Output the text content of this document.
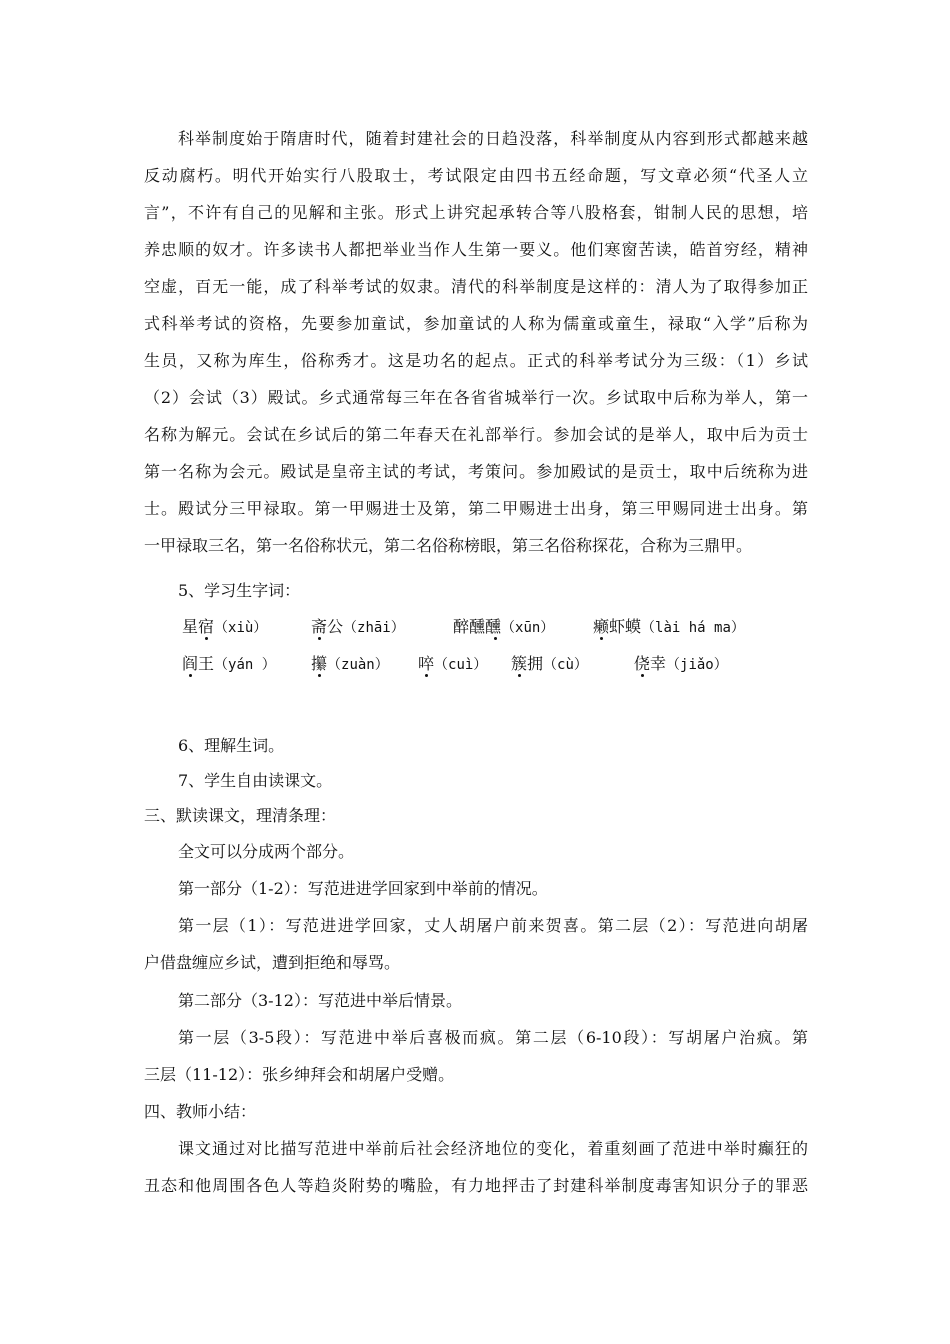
科举制度始于隋唐时代，随着封建社会的日趋没落，科举制度从内容到形式都越来越
反动腐朽。明代开始实行八股取士，考试限定由四书五经命题，写文章必须“代圣人立
言”，不许有自己的见解和主张。形式上讲究起承转合等八股格套，钳制人民的思想，培
养忠顺的奴才。许多读书人都把举业当作人生第一要义。他们寒窗苦读，皓首穷经，精神
空虚，百无一能，成了科举考试的奴隶。清代的科举制度是这样的：清人为了取得参加正
式科举考试的资格，先要参加童试，参加童试的人称为儒童或童生，禄取“入学”后称为
生员，又称为库生，俗称秀才。这是功名的起点。正式的科举考试分为三级：（1）乡试
（2）会试（3）殿试。乡式通常每三年在各省省城举行一次。乡试取中后称为举人，第一
名称为解元。会试在乡试后的第二年春天在礼部举行。参加会试的是举人，取中后为贡士
第一名称为会元。殿试是皇帝主试的考试，考策问。参加殿试的是贡士，取中后统称为进
士。殿试分三甲禄取。第一甲赐进士及第，第二甲赐进士出身，第三甲赐同进士出身。第
一甲禄取三名，第一名俗称状元，第二名俗称榜眼，第三名俗称探花，合称为三鼎甲。
5、学习生字词：
星宿（xiù）	斋公（zhāi）	醉醺醺（xūn） 癞虾蟆（lài há ma）
阎王（yán ） 攥（zuàn） 啐（cuì） 簇拥（cù）	侥幸（jiǎo）
6、理解生词。
7、学生自由读课文。
三、默读课文，理清条理：
全文可以分成两个部分。
第一部分（1-2）：写范进进学回家到中举前的情况。
第一层（1）：写范进进学回家，丈人胡屠户前来贺喜。第二层（2）：写范进向胡屠
户借盘缠应乡试，遭到拒绝和辱骂。
第二部分（3-12）：写范进中举后情景。
第一层（3-5段）：写范进中举后喜极而疯。第二层（6-10段）：写胡屠户治疯。第
三层（11-12）：张乡绅拜会和胡屠户受赠。
四、教师小结：
课文通过对比描写范进中举前后社会经济地位的变化，着重刻画了范进中举时癫狂的
丑态和他周围各色人等趋炎附势的嘴脸，有力地抨击了封建科举制度毒害知识分子的罪恶
